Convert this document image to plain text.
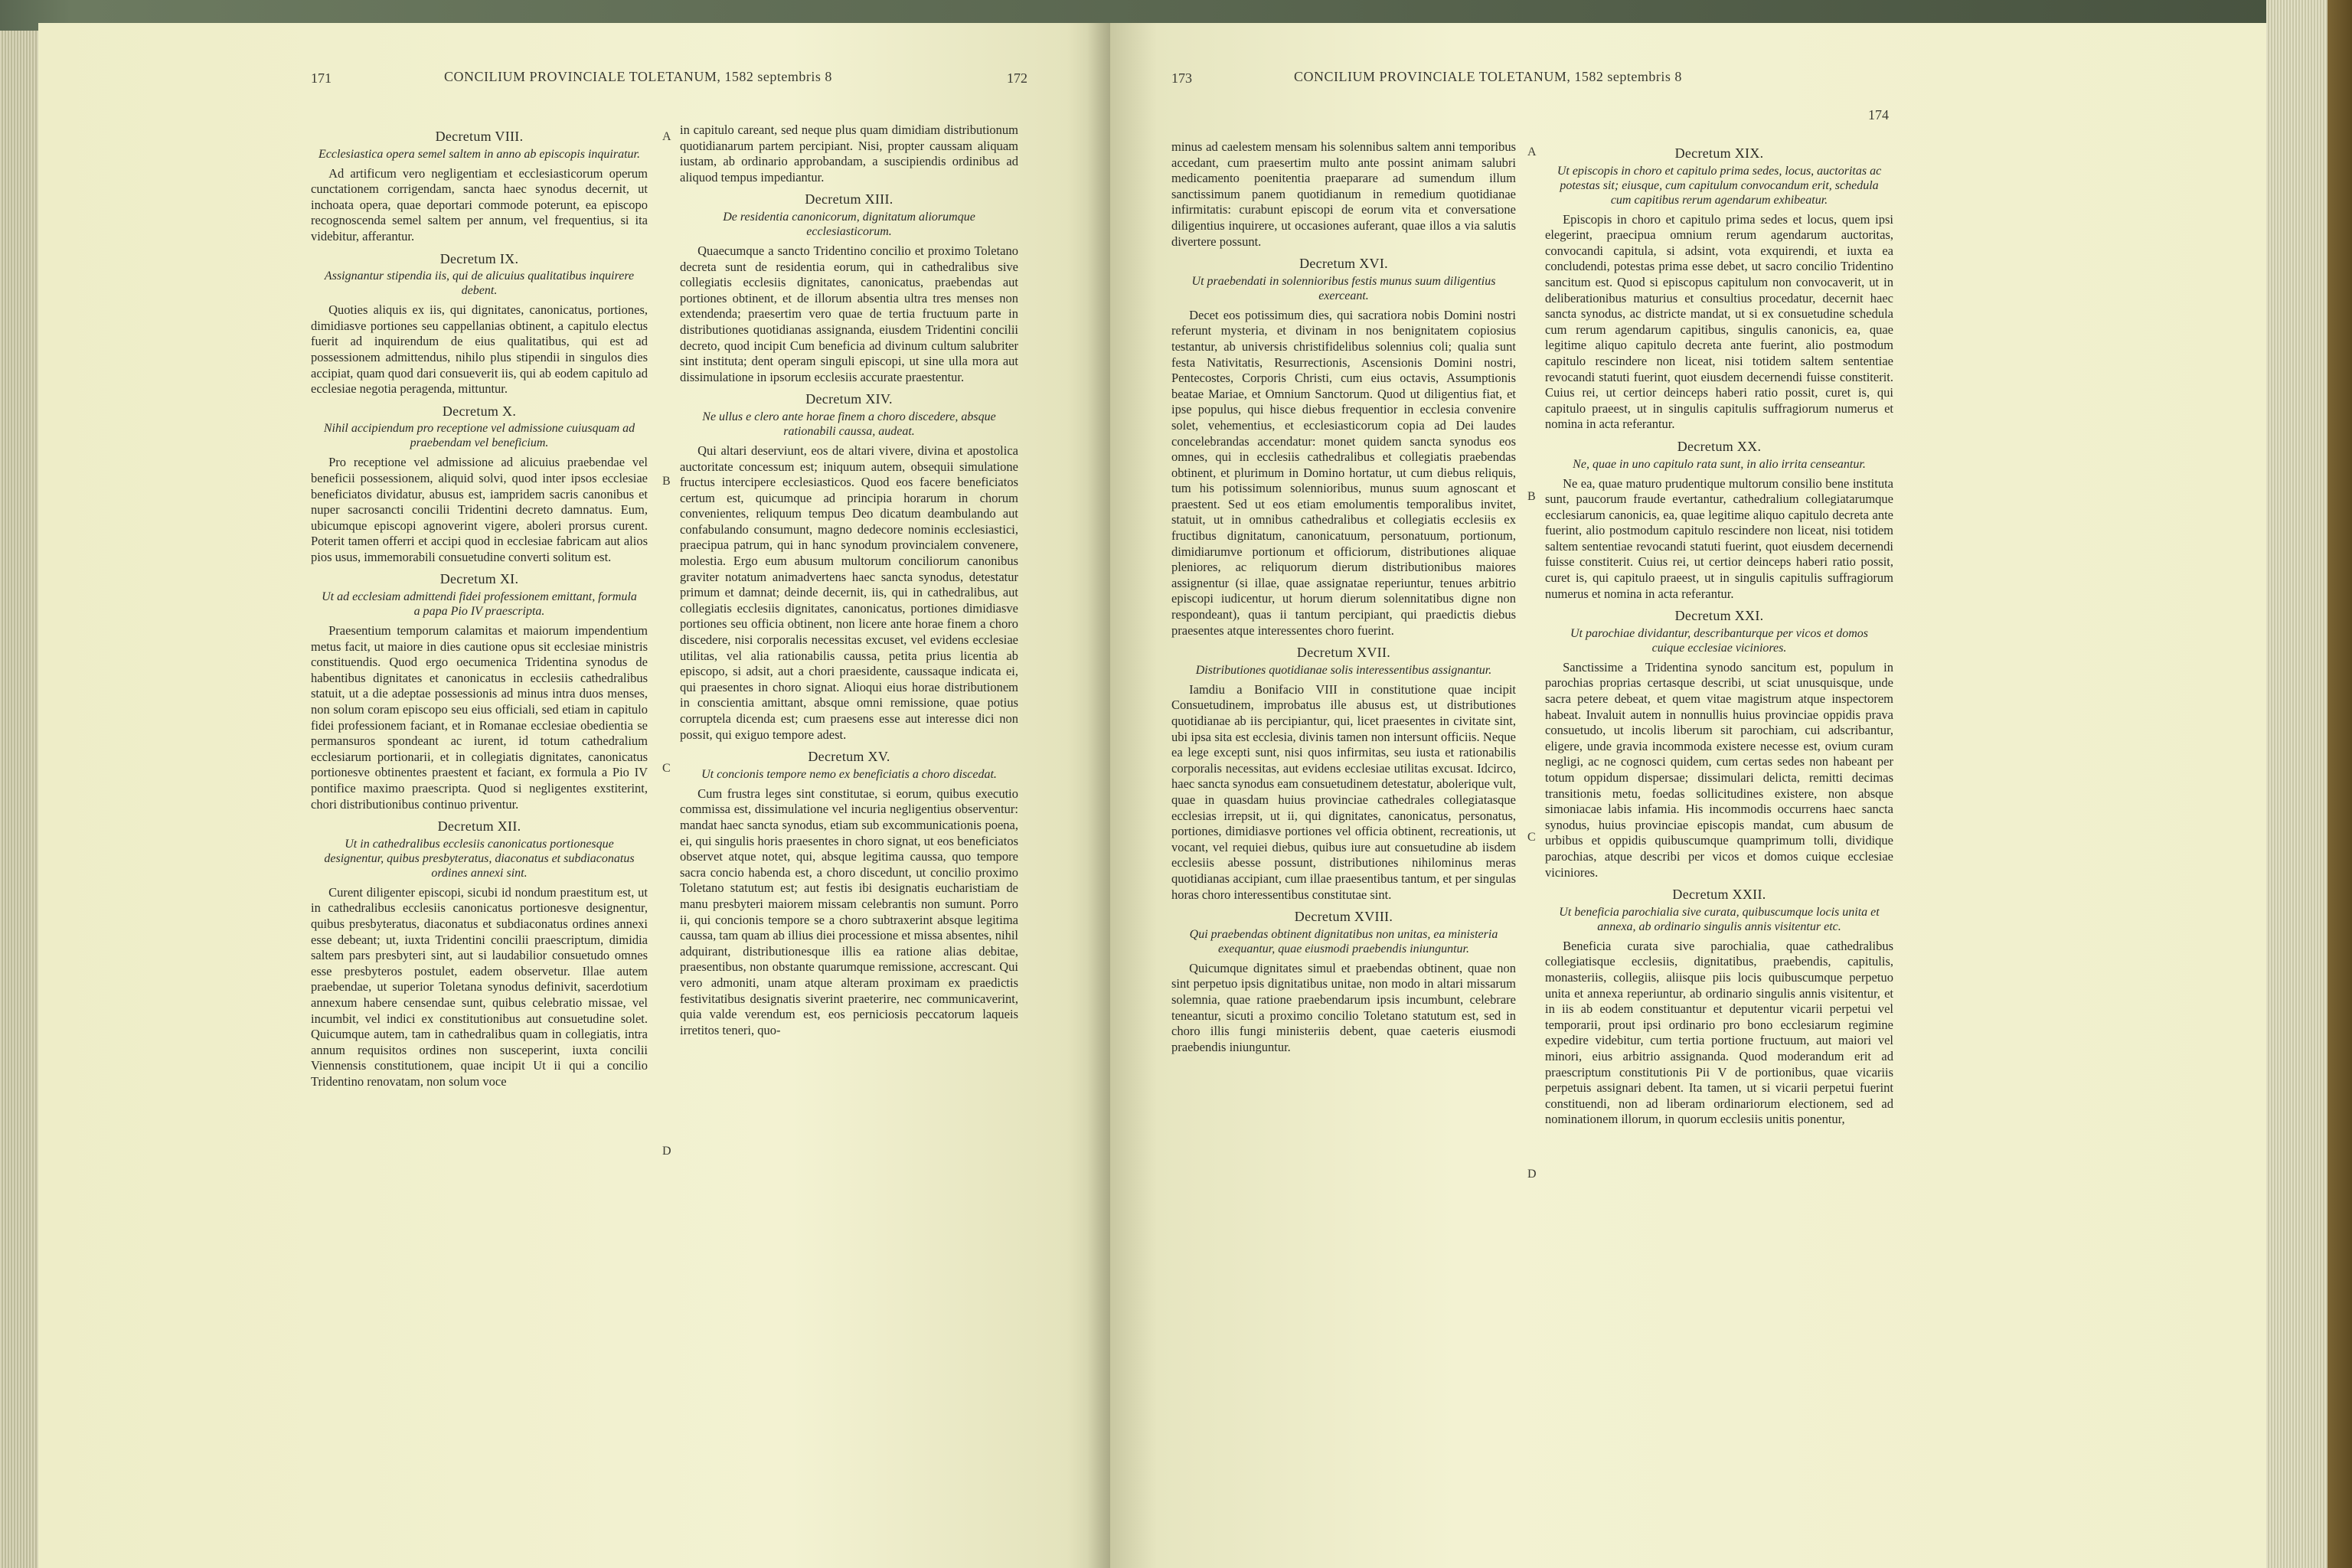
171	CONCILIUM PROVINCIALE TOLETANUM, 1582 septembris 8	172
Decretum VIII.
Ecclesiastica opera semel saltem in anno ab episcopis inquiratur.

Ad artificum vero negligentiam et ecclesiasticorum operum cunctationem corrigendam, sancta haec synodus decernit, ut inchoata opera, quae deportari commode poterunt, ea episcopo recognoscenda semel saltem per annum, vel frequentius, si ita videbitur, afferantur.

Decretum IX.
Assignantur stipendia iis, qui de alicuius qualitatibus inquirere debent.

Quoties aliquis ex iis, qui dignitates, canonicatus, portiones, dimidiasve portiones seu cappellanias obtinent, a capitulo electus fuerit ad inquirendum de eius qualitatibus, qui est ad possessionem admittendus, nihilo plus stipendii in singulos dies accipiat, quam quod dari consueverit iis, qui ab eodem capitulo ad ecclesiae negotia peragenda, mittuntur.

Decretum X.
Nihil accipiendum pro receptione vel admissione cuiusquam ad praebendam vel beneficium.

Pro receptione vel admissione ad alicuius praebendae vel beneficii possessionem, aliquid solvi, quod inter ipsos ecclesiae beneficiatos dividatur, abusus est, iampridem sacris canonibus et nuper sacrosancti concilii Tridentini decreto damnatus. Eum, ubicumque episcopi agnoverint vigere, aboleri prorsus curent. Poterit tamen offerri et accipi quod in ecclesiae fabricam aut alios pios usus, immemorabili consuetudine converti solitum est.

Decretum XI.
Ut ad ecclesiam admittendi fidei professionem emittant, formula a papa Pio IV praescripta.

Praesentium temporum calamitas et maiorum impendentium metus facit, ut maiore in dies cautione opus sit ecclesiae ministris constituendis. Quod ergo oecumenica Tridentina synodus de habentibus dignitates et canonicatus in ecclesiis cathedralibus statuit, ut a die adeptae possessionis ad minus intra duos menses, non solum coram episcopo seu eius officiali, sed etiam in capitulo fidei professionem faciant, et in Romanae ecclesiae obedientia se permansuros spondeant ac iurent, id totum cathedralium ecclesiarum portionarii, et in collegiatis dignitates, canonicatus portionesve obtinentes praestent et faciant, ex formula a Pio IV pontifice maximo praescripta. Quod si negligentes exstiterint, chori distributionibus continuo priventur.

Decretum XII.
Ut in cathedralibus ecclesiis canonicatus portionesque designentur, quibus presbyteratus, diaconatus et subdiaconatus ordines annexi sint.

Curent diligenter episcopi, sicubi id nondum praestitum est, ut in cathedralibus ecclesiis canonicatus portionesve designentur, quibus presbyteratus, diaconatus et subdiaconatus ordines annexi esse debeant; ut, iuxta Tridentini concilii praescriptum, dimidia saltem pars presbyteri sint, aut si laudabilior consuetudo omnes esse presbyteros postulet, eadem observetur. Illae autem praebendae, ut superior Toletana synodus definivit, sacerdotium annexum habere censendae sunt, quibus celebratio missae, vel incumbit, vel indici ex constitutionibus aut consuetudine solet. Quicumque autem, tam in cathedralibus quam in collegiatis, intra annum requisitos ordines non susceperint, iuxta concilii Viennensis constitutionem, quae incipit Ut ii qui a concilio Tridentino renovatam, non solum voce

A
B
C
D

in capitulo careant, sed neque plus quam dimidiam distributionum quotidianarum partem percipiant. Nisi, propter caussam aliquam iustam, ab ordinario approbandam, a suscipiendis ordinibus ad aliquod tempus impediantur.

Decretum XIII.
De residentia canonicorum, dignitatum aliorumque ecclesiasticorum.

Quaecumque a sancto Tridentino concilio et proximo Toletano decreta sunt de residentia eorum, qui in cathedralibus sive collegiatis ecclesiis dignitates, canonicatus, praebendas aut portiones obtinent, et de illorum absentia ultra tres menses non extendenda; praesertim vero quae de tertia fructuum parte in distributiones quotidianas assignanda, eiusdem Tridentini concilii decreto, quod incipit Cum beneficia ad divinum cultum salubriter sint instituta; dent operam singuli episcopi, ut sine ulla mora aut dissimulatione in ipsorum ecclesiis accurate praestentur.

Decretum XIV.
Ne ullus e clero ante horae finem a choro discedere, absque rationabili caussa, audeat.

Qui altari deserviunt, eos de altari vivere, divina et apostolica auctoritate concessum est; iniquum autem, obsequii simulatione fructus intercipere ecclesiasticos. Quod eos facere beneficiatos certum est, quicumque ad principia horarum in chorum convenientes, reliquum tempus Deo dicatum deambulando aut confabulando consumunt, magno dedecore nominis ecclesiastici, praecipua patrum, qui in hanc synodum provincialem convenere, molestia. Ergo eum abusum multorum conciliorum canonibus graviter notatum animadvertens haec sancta synodus, detestatur primum et damnat; deinde decernit, iis, qui in cathedralibus, aut collegiatis ecclesiis dignitates, canonicatus, portiones dimidiasve portiones seu officia obtinent, non licere ante horae finem a choro discedere, nisi corporalis necessitas excuset, vel evidens ecclesiae utilitas, vel alia rationabilis caussa, petita prius licentia ab episcopo, si adsit, aut a chori praesidente, caussaque indicata ei, qui praesentes in choro signat. Alioqui eius horae distributionem in conscientia amittant, absque omni remissione, quae potius corruptela dicenda est; cum praesens esse aut interesse dici non possit, qui exiguo tempore adest.

Decretum XV.
Ut concionis tempore nemo ex beneficiatis a choro discedat.

Cum frustra leges sint constitutae, si eorum, quibus executio commissa est, dissimulatione vel incuria negligentius observentur: mandat haec sancta synodus, etiam sub excommunicationis poena, ei, qui singulis horis praesentes in choro signat, ut eos beneficiatos observet atque notet, qui, absque legitima caussa, quo tempore sacra concio habenda est, a choro discedunt, ut concilio proximo Toletano statutum est; aut festis ibi designatis eucharistiam de manu presbyteri maiorem missam celebrantis non sumunt. Porro ii, qui concionis tempore se a choro subtraxerint absque legitima caussa, tam quam ab illius diei processione et missa absentes, nihil adquirant, distributionesque illis ea ratione alias debitae, praesentibus, non obstante quarumque remissione, accrescant. Qui vero admoniti, unam atque alteram proximam ex praedictis festivitatibus designatis siverint praeterire, nec communicaverint, quia valde verendum est, eos perniciosis peccatorum laqueis irretitos teneri, quo-

173	CONCILIUM PROVINCIALE TOLETANUM, 1582 septembris 8
174

minus ad caelestem mensam his solennibus saltem anni temporibus accedant, cum praesertim multo ante possint animam salubri medicamento poenitentia praeparare ad sumendum illum sanctissimum panem quotidianum in remedium quotidianae infirmitatis: curabunt episcopi de eorum vita et conversatione diligentius inquirere, ut occasiones auferant, quae illos a via salutis divertere possunt.

Decretum XVI.
Ut praebendati in solennioribus festis munus suum diligentius exerceant.

Decet eos potissimum dies, qui sacratiora nobis Domini nostri referunt mysteria, et divinam in nos benignitatem copiosius testantur, ab universis christifidelibus solennius coli; qualia sunt festa Nativitatis, Resurrectionis, Ascensionis Domini nostri, Pentecostes, Corporis Christi, cum eius octavis, Assumptionis beatae Mariae, et Omnium Sanctorum. Quod ut diligentius fiat, et ipse populus, qui hisce diebus frequentior in ecclesia convenire solet, vehementius, et ecclesiasticorum copia ad Dei laudes concelebrandas accendatur: monet quidem sancta synodus eos omnes, qui in ecclesiis cathedralibus et collegiatis praebendas obtinent, et plurimum in Domino hortatur, ut cum diebus reliquis, tum his potissimum solennioribus, munus suum agnoscant et praestent. Sed ut eos etiam emolumentis temporalibus invitet, statuit, ut in omnibus cathedralibus et collegiatis ecclesiis ex fructibus dignitatum, canonicatuum, personatuum, portionum, dimidiarumve portionum et officiorum, distributiones aliquae pleniores, ac reliquorum dierum distributionibus maiores assignentur (si illae, quae assignatae reperiuntur, tenues arbitrio episcopi iudicentur, ut horum dierum solennitatibus digne non respondeant), quas ii tantum percipiant, qui praedictis diebus praesentes atque interessentes choro fuerint.

Decretum XVII.
Distributiones quotidianae solis interessentibus assignantur.

Iamdiu a Bonifacio VIII in constitutione quae incipit Consuetudinem, improbatus ille abusus est, ut distributiones quotidianae ab iis percipiantur, qui, licet praesentes in civitate sint, ubi ipsa sita est ecclesia, divinis tamen non intersunt officiis. Neque ea lege excepti sunt, nisi quos infirmitas, seu iusta et rationabilis corporalis necessitas, aut evidens ecclesiae utilitas excusat. Idcirco, haec sancta synodus eam consuetudinem detestatur, abolerique vult, quae in quasdam huius provinciae cathedrales collegiatasque ecclesias irrepsit, ut ii, qui dignitates, canonicatus, personatus, portiones, dimidiasve portiones vel officia obtinent, recreationis, ut vocant, vel requiei diebus, quibus iure aut consuetudine ab iisdem ecclesiis abesse possunt, distributiones nihilominus meras quotidianas accipiant, cum illae praesentibus tantum, et per singulas horas choro interessentibus constitutae sint.

Decretum XVIII.
Qui praebendas obtinent dignitatibus non unitas, ea ministeria exequantur, quae eiusmodi praebendis iniunguntur.

Quicumque dignitates simul et praebendas obtinent, quae non sint perpetuo ipsis dignitatibus unitae, non modo in altari missarum solemnia, quae ratione praebendarum ipsis incumbunt, celebrare teneantur, sicuti a proximo concilio Toletano statutum est, sed in choro illis fungi ministeriis debent, quae caeteris eiusmodi praebendis iniunguntur.

A
B
C
D
Decretum XIX.
Ut episcopis in choro et capitulo prima sedes, locus, auctoritas ac potestas sit; eiusque, cum capitulum convocandum erit, schedula cum capitibus rerum agendarum exhibeatur.

Episcopis in choro et capitulo prima sedes et locus, quem ipsi elegerint, praecipua omnium rerum agendarum auctoritas, convocandi capitula, si adsint, vota exquirendi, et iuxta ea concludendi, potestas prima esse debet, ut sacro concilio Tridentino sancitum est. Quod si episcopus capitulum non convocaverit, ut in deliberationibus maturius et consultius procedatur, decernit haec sancta synodus, ac districte mandat, ut si ex consuetudine schedula cum rerum agendarum capitibus, singulis canonicis, ea, quae legitime aliquo capitulo decreta ante fuerint, alio postmodum capitulo rescindere non liceat, nisi totidem saltem sententiae revocandi statuti fuerint, quot eiusdem decernendi fuisse constiterit. Cuius rei, ut certior deinceps haberi ratio possit, curet is, qui capitulo praeest, ut in singulis capitulis suffragiorum numerus et nomina in acta referantur.

Decretum XX.
Ne, quae in uno capitulo rata sunt, in alio irrita censeantur.

Ne ea, quae maturo prudentique multorum consilio bene instituta sunt, paucorum fraude evertantur, cathedralium collegiatarumque ecclesiarum canonicis, ea, quae legitime aliquo capitulo decreta ante fuerint, alio postmodum capitulo rescindere non liceat, nisi totidem saltem sententiae revocandi statuti fuerint, quot eiusdem decernendi fuisse constiterit. Cuius rei, ut certior deinceps haberi ratio possit, curet is, qui capitulo praeest, ut in singulis capitulis suffragiorum numerus et nomina in acta referantur.

Decretum XXI.
Ut parochiae dividantur, describanturque per vicos et domos cuique ecclesiae viciniores.

Sanctissime a Tridentina synodo sancitum est, populum in parochias proprias certasque describi, ut sciat unusquisque, unde sacra petere debeat, et quem vitae magistrum atque inspectorem habeat. Invaluit autem in nonnullis huius provinciae oppidis prava consuetudo, ut incolis liberum sit parochiam, cui adscribantur, eligere, unde gravia incommoda existere necesse est, ovium curam negligi, ac ne cognosci quidem, cum certas sedes non habeant per totum oppidum dispersae; dissimulari delicta, remitti decimas transitionis metu, foedas sollicitudines existere, non absque simoniacae labis infamia. His incommodis occurrens haec sancta synodus, huius provinciae episcopis mandat, cum abusum de urbibus et oppidis quibuscumque quamprimum tolli, dividique parochias, atque describi per vicos et domos cuique ecclesiae viciniores.

Decretum XXII.
Ut beneficia parochialia sive curata, quibuscumque locis unita et annexa, ab ordinario singulis annis visitentur etc.

Beneficia curata sive parochialia, quae cathedralibus collegiatisque ecclesiis, dignitatibus, praebendis, capitulis, monasteriis, collegiis, aliisque piis locis quibuscumque perpetuo unita et annexa reperiuntur, ab ordinario singulis annis visitentur, et in iis ab eodem constituantur et deputentur vicarii perpetui vel temporarii, prout ipsi ordinario pro bono ecclesiarum regimine expedire videbitur, cum tertia portione fructuum, aut maiori vel minori, eius arbitrio assignanda. Quod moderandum erit ad praescriptum constitutionis Pii V de portionibus, quae vicariis perpetuis assignari debent. Ita tamen, ut si vicarii perpetui fuerint constituendi, non ad liberam ordinariorum electionem, sed ad nominationem illorum, in quorum ecclesiis unitis ponentur,
